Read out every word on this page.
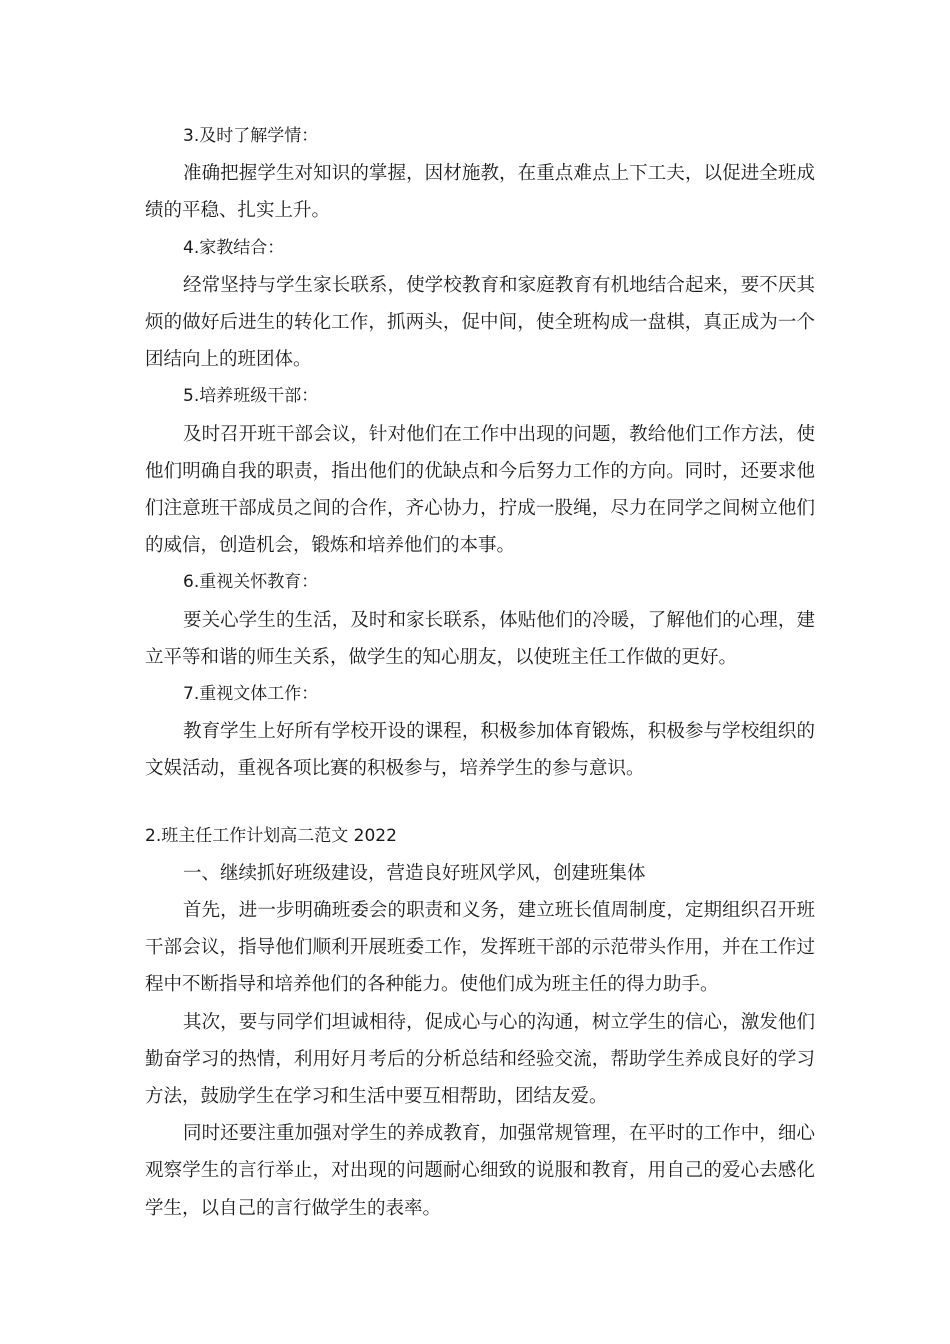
3.及时了解学情：

准确把握学生对知识的掌握，因材施教，在重点难点上下工夫，以促进全班成绩的平稳、扎实上升。

4.家教结合：

经常坚持与学生家长联系，使学校教育和家庭教育有机地结合起来，要不厌其烦的做好后进生的转化工作，抓两头，促中间，使全班构成一盘棋，真正成为一个团结向上的班团体。

5.培养班级干部：

及时召开班干部会议，针对他们在工作中出现的问题，教给他们工作方法，使他们明确自我的职责，指出他们的优缺点和今后努力工作的方向。同时，还要求他们注意班干部成员之间的合作，齐心协力，拧成一股绳，尽力在同学之间树立他们的威信，创造机会，锻炼和培养他们的本事。

6.重视关怀教育：

要关心学生的生活，及时和家长联系，体贴他们的冷暖，了解他们的心理，建立平等和谐的师生关系，做学生的知心朋友，以使班主任工作做的更好。

7.重视文体工作：

教育学生上好所有学校开设的课程，积极参加体育锻炼，积极参与学校组织的文娱活动，重视各项比赛的积极参与，培养学生的参与意识。

2.班主任工作计划高二范文 2022

一、继续抓好班级建设，营造良好班风学风，创建班集体

首先，进一步明确班委会的职责和义务，建立班长值周制度，定期组织召开班干部会议，指导他们顺利开展班委工作，发挥班干部的示范带头作用，并在工作过程中不断指导和培养他们的各种能力。使他们成为班主任的得力助手。

其次，要与同学们坦诚相待，促成心与心的沟通，树立学生的信心，激发他们勤奋学习的热情，利用好月考后的分析总结和经验交流，帮助学生养成良好的学习方法，鼓励学生在学习和生活中要互相帮助，团结友爱。

同时还要注重加强对学生的养成教育，加强常规管理，在平时的工作中，细心观察学生的言行举止，对出现的问题耐心细致的说服和教育，用自己的爱心去感化学生，以自己的言行做学生的表率。
